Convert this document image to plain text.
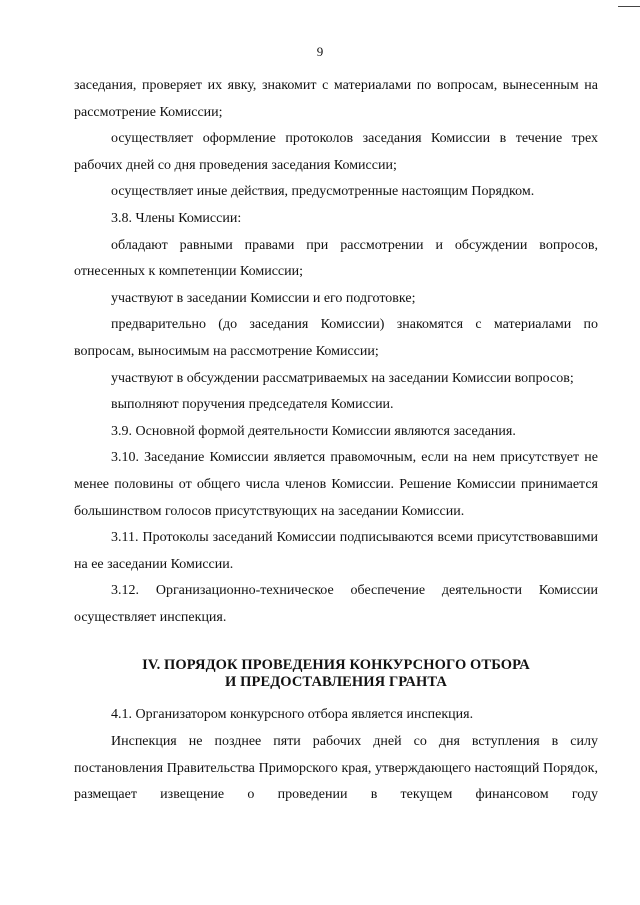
9

заседания, проверяет их явку, знакомит с материалами по вопросам, вынесенным на рассмотрение Комиссии;

осуществляет оформление протоколов заседания Комиссии в течение трех рабочих дней со дня проведения заседания Комиссии;

осуществляет иные действия, предусмотренные настоящим Порядком.

3.8. Члены Комиссии:

обладают равными правами при рассмотрении и обсуждении вопросов, отнесенных к компетенции Комиссии;

участвуют в заседании Комиссии и его подготовке;

предварительно (до заседания Комиссии) знакомятся с материалами по вопросам, выносимым на рассмотрение Комиссии;

участвуют в обсуждении рассматриваемых на заседании Комиссии вопросов;

выполняют поручения председателя Комиссии.

3.9. Основной формой деятельности Комиссии являются заседания.

3.10. Заседание Комиссии является правомочным, если на нем присутствует не менее половины от общего числа членов Комиссии. Решение Комиссии принимается большинством голосов присутствующих на заседании Комиссии.

3.11. Протоколы заседаний Комиссии подписываются всеми присутствовавшими на ее заседании Комиссии.

3.12. Организационно-техническое обеспечение деятельности Комиссии осуществляет инспекция.

IV. ПОРЯДОК ПРОВЕДЕНИЯ КОНКУРСНОГО ОТБОРА
И ПРЕДОСТАВЛЕНИЯ ГРАНТА

4.1. Организатором конкурсного отбора является инспекция.

Инспекция не позднее пяти рабочих дней со дня вступления в силу постановления Правительства Приморского края, утверждающего настоящий Порядок, размещает извещение о проведении в текущем финансовом году
